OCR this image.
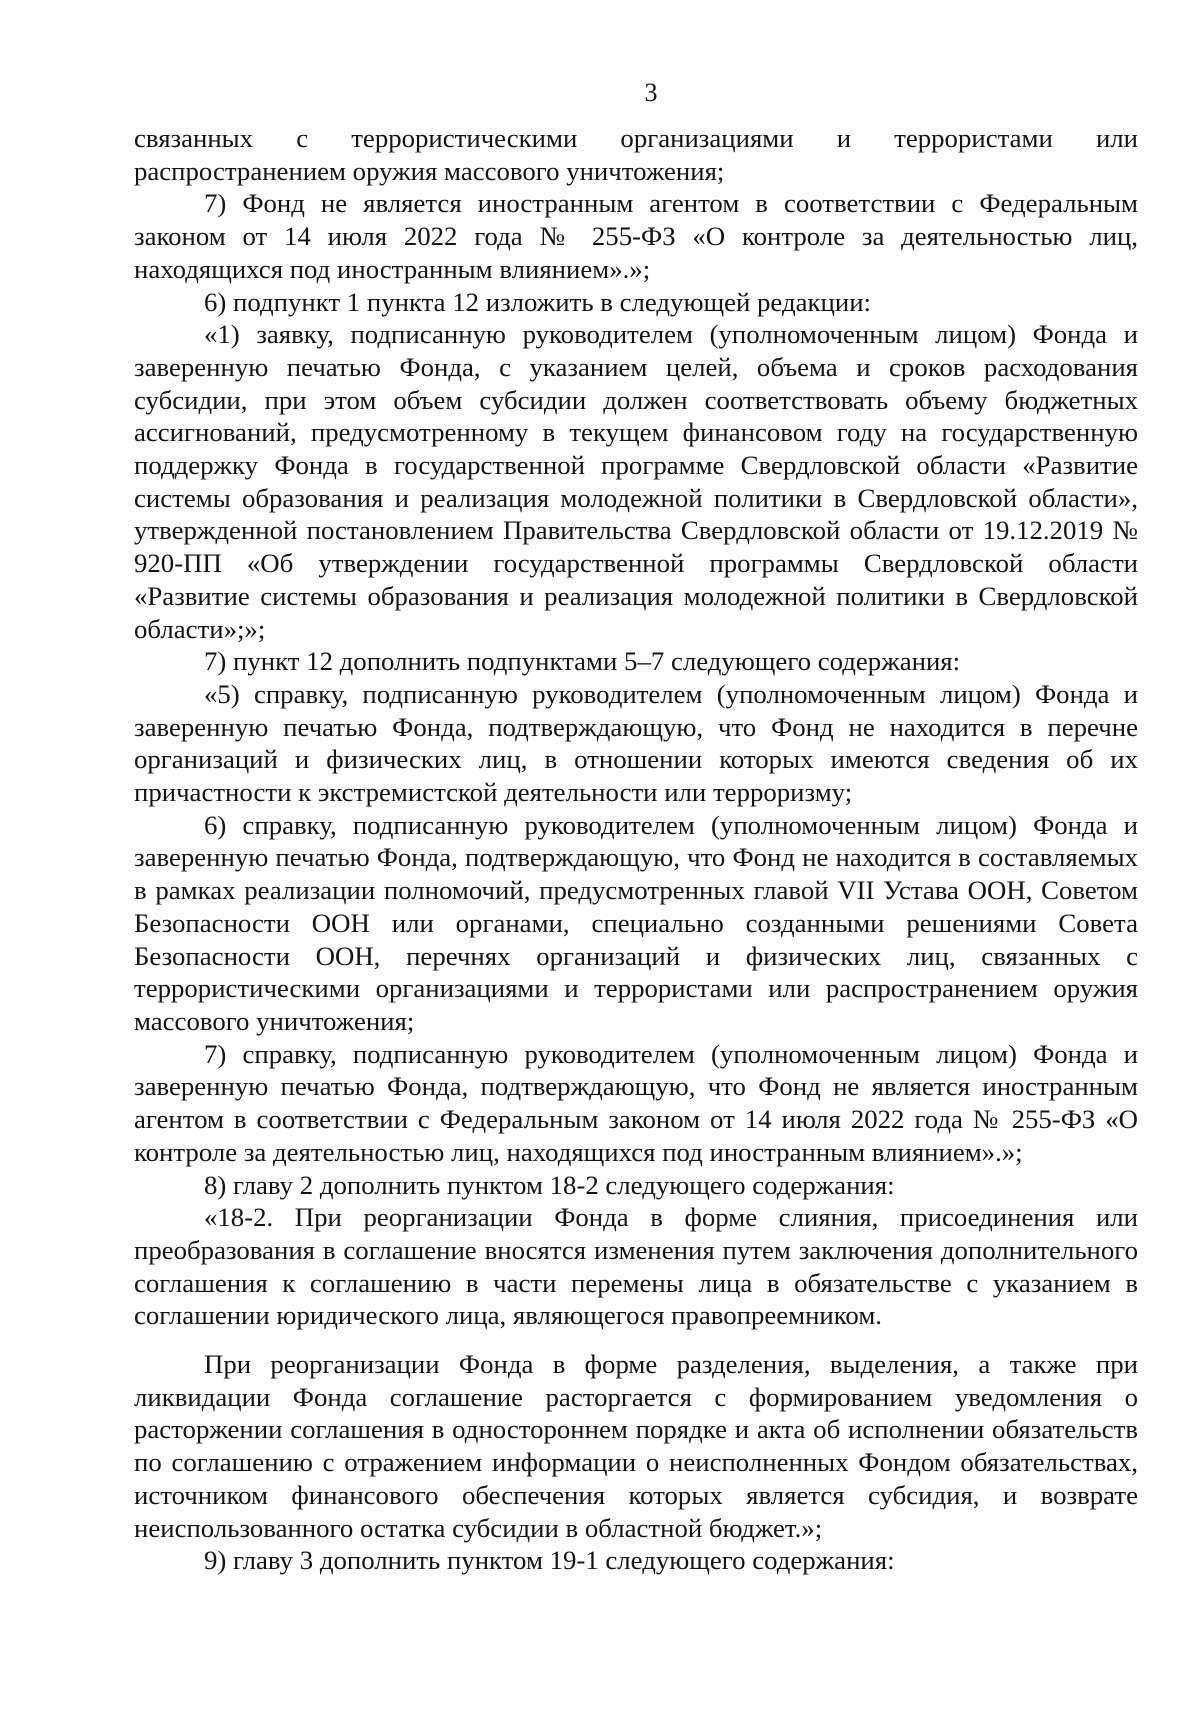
3

связанных с террористическими организациями и террористами или распространением оружия массового уничтожения;

7) Фонд не является иностранным агентом в соответствии с Федеральным законом от 14 июля 2022 года № 255-ФЗ «О контроле за деятельностью лиц, находящихся под иностранным влиянием».»;

6) подпункт 1 пункта 12 изложить в следующей редакции:

«1) заявку, подписанную руководителем (уполномоченным лицом) Фонда и заверенную печатью Фонда, с указанием целей, объема и сроков расходования субсидии, при этом объем субсидии должен соответствовать объему бюджетных ассигнований, предусмотренному в текущем финансовом году на государственную поддержку Фонда в государственной программе Свердловской области «Развитие системы образования и реализация молодежной политики в Свердловской области», утвержденной постановлением Правительства Свердловской области от 19.12.2019 № 920-ПП «Об утверждении государственной программы Свердловской области «Развитие системы образования и реализация молодежной политики в Свердловской области»;»;

7) пункт 12 дополнить подпунктами 5–7 следующего содержания:

«5) справку, подписанную руководителем (уполномоченным лицом) Фонда и заверенную печатью Фонда, подтверждающую, что Фонд не находится в перечне организаций и физических лиц, в отношении которых имеются сведения об их причастности к экстремистской деятельности или терроризму;

6) справку, подписанную руководителем (уполномоченным лицом) Фонда и заверенную печатью Фонда, подтверждающую, что Фонд не находится в составляемых в рамках реализации полномочий, предусмотренных главой VII Устава ООН, Советом Безопасности ООН или органами, специально созданными решениями Совета Безопасности ООН, перечнях организаций и физических лиц, связанных с террористическими организациями и террористами или распространением оружия массового уничтожения;

7) справку, подписанную руководителем (уполномоченным лицом) Фонда и заверенную печатью Фонда, подтверждающую, что Фонд не является иностранным агентом в соответствии с Федеральным законом от 14 июля 2022 года № 255-ФЗ «О контроле за деятельностью лиц, находящихся под иностранным влиянием».»;

8) главу 2 дополнить пунктом 18-2 следующего содержания:

«18-2. При реорганизации Фонда в форме слияния, присоединения или преобразования в соглашение вносятся изменения путем заключения дополнительного соглашения к соглашению в части перемены лица в обязательстве с указанием в соглашении юридического лица, являющегося правопреемником.

При реорганизации Фонда в форме разделения, выделения, а также при ликвидации Фонда соглашение расторгается с формированием уведомления о расторжении соглашения в одностороннем порядке и акта об исполнении обязательств по соглашению с отражением информации о неисполненных Фондом обязательствах, источником финансового обеспечения которых является субсидия, и возврате неиспользованного остатка субсидии в областной бюджет.»;

9) главу 3 дополнить пунктом 19-1 следующего содержания:
